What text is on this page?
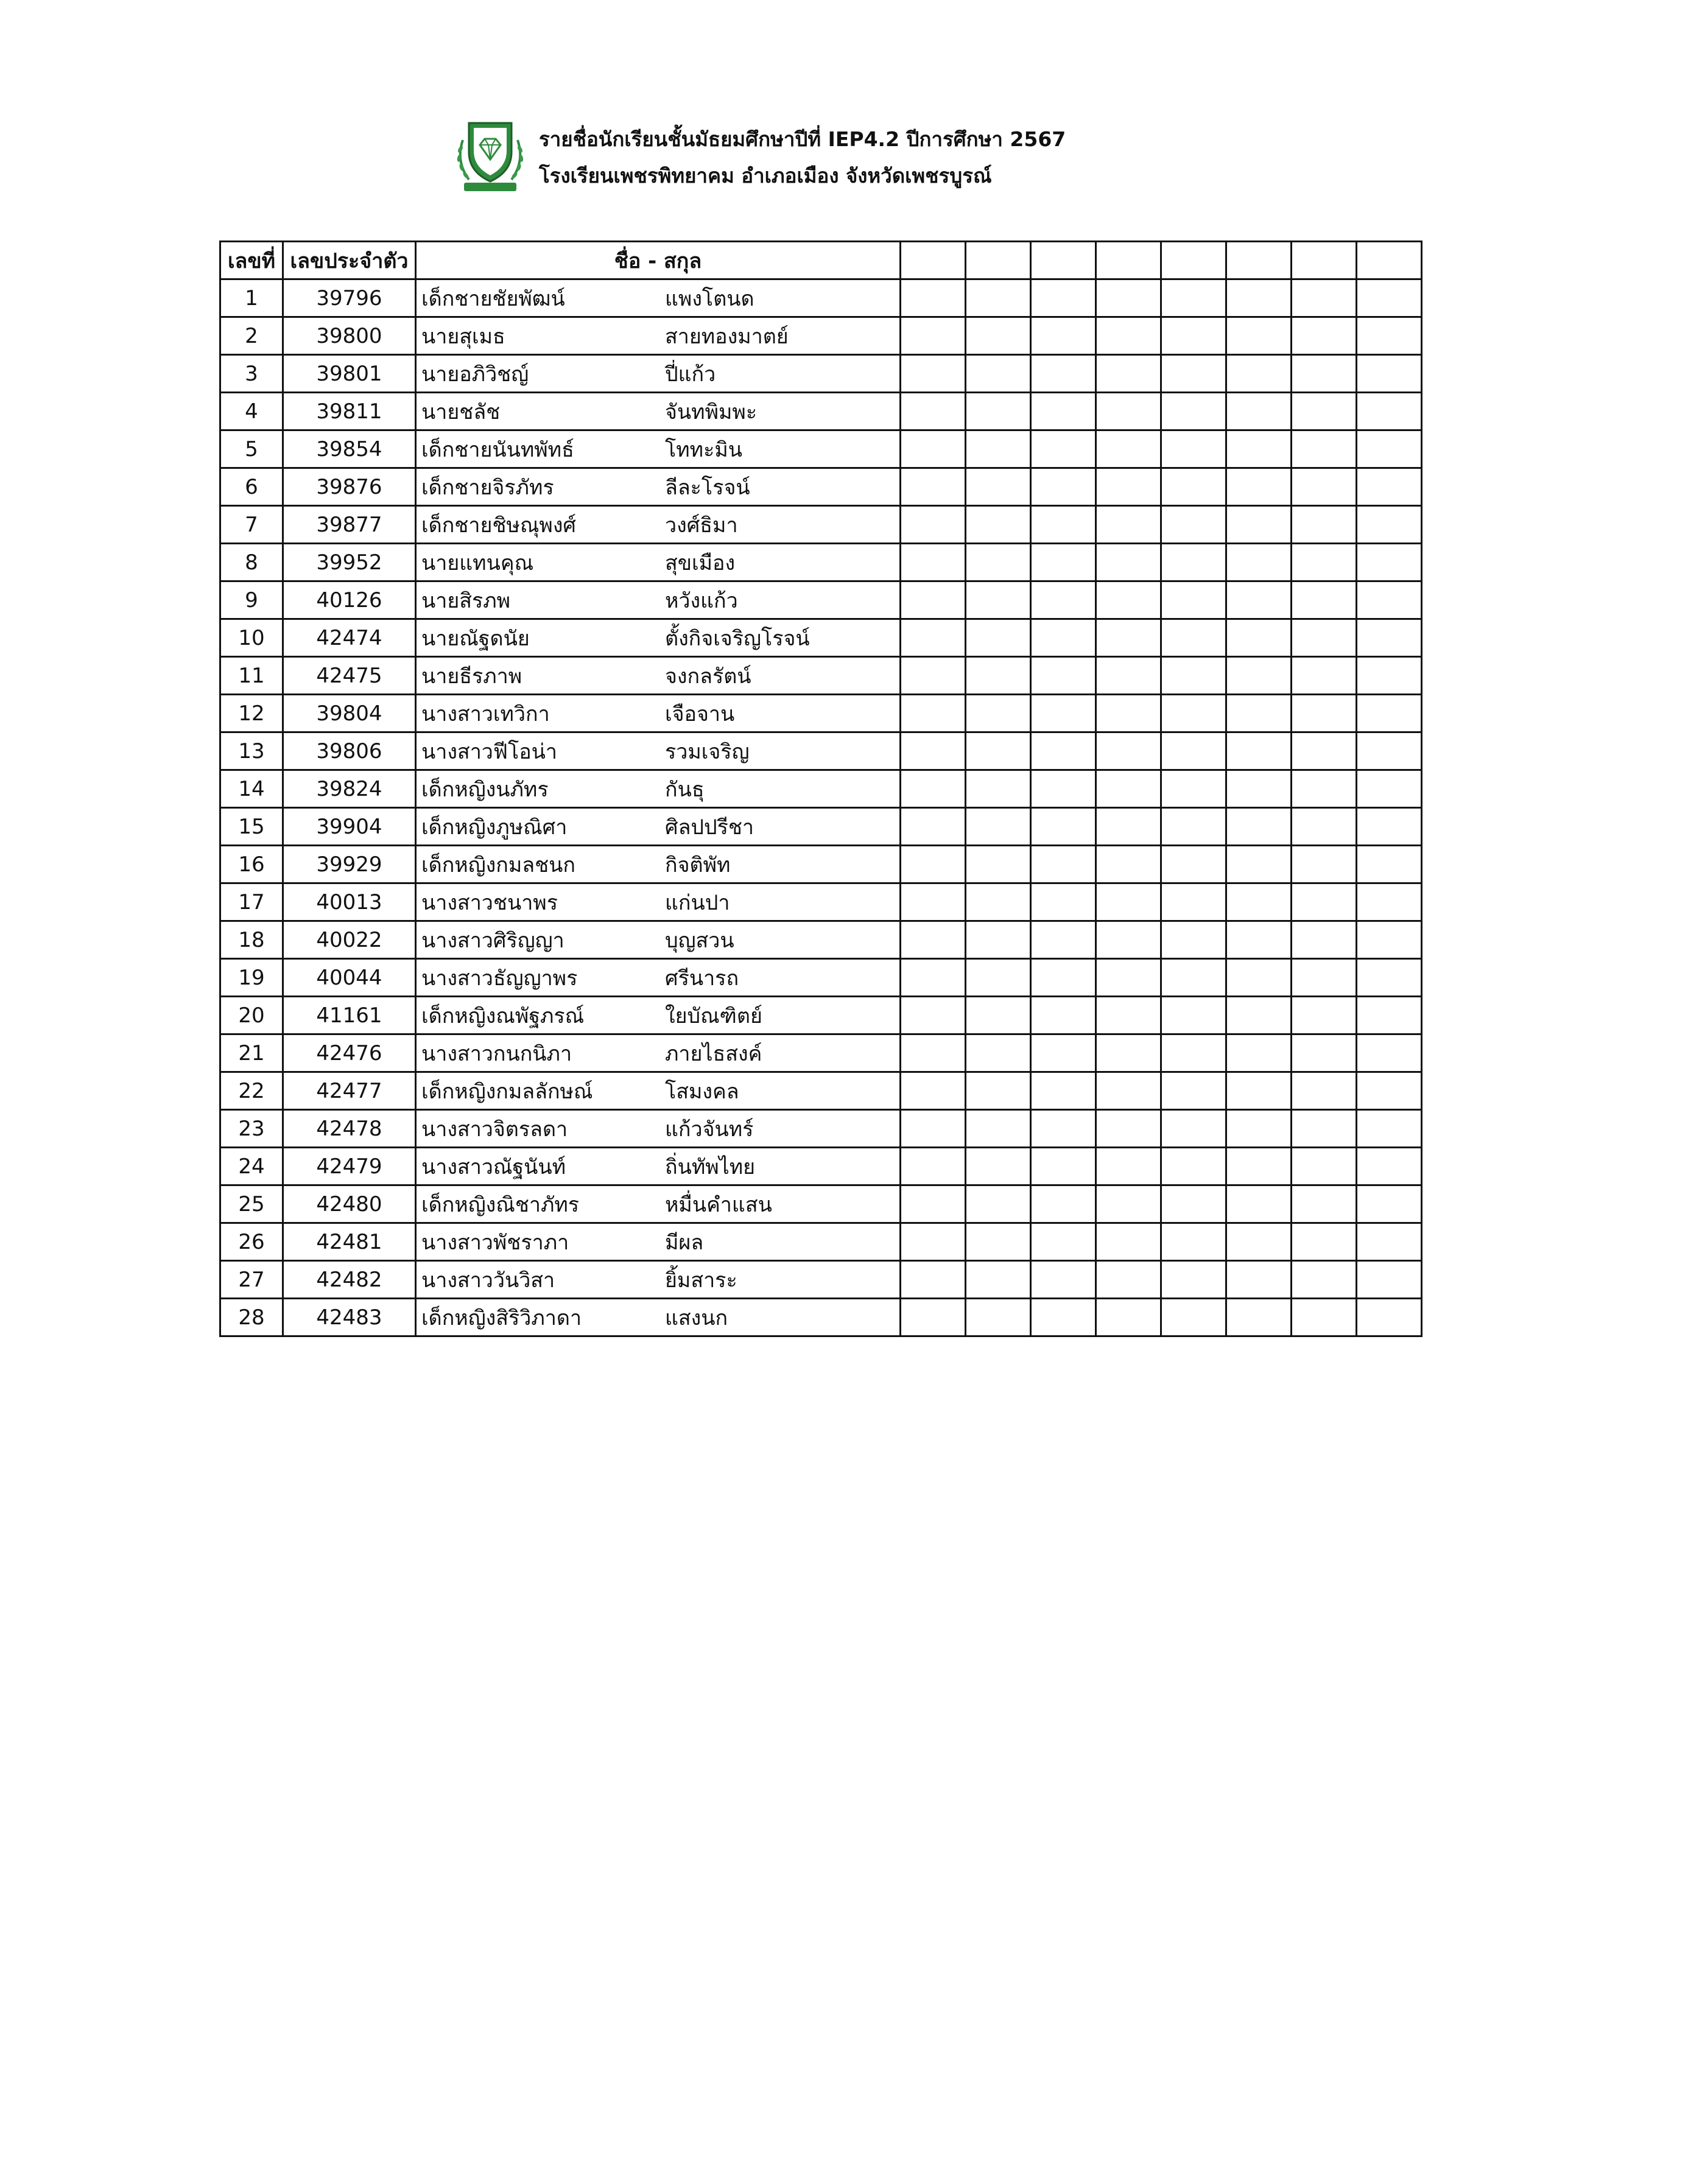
รายชื่อนักเรียนชั้นมัธยมศึกษาปีที่ IEP4.2 ปีการศึกษา 2567
โรงเรียนเพชรพิทยาคม อำเภอเมือง จังหวัดเพชรบูรณ์
เลขที่	เลขประจำตัว	ชื่อ - สกุล								
1	39796	เด็กชายชัยพัฒน์ แพงโตนด								
2	39800	นายสุเมธ สายทองมาตย์								
3	39801	นายอภิวิชญ์ ปี่แก้ว								
4	39811	นายชลัช จันทพิมพะ								
5	39854	เด็กชายนันทพัทธ์ โททะมิน								
6	39876	เด็กชายจิรภัทร ลีละโรจน์								
7	39877	เด็กชายชิษณุพงศ์ วงศ์ธิมา								
8	39952	นายแทนคุณ สุขเมือง								
9	40126	นายสิรภพ หวังแก้ว								
10	42474	นายณัฐดนัย ตั้งกิจเจริญโรจน์								
11	42475	นายธีรภาพ จงกลรัตน์								
12	39804	นางสาวเทวิกา เจือจาน								
13	39806	นางสาวฟีโอน่า รวมเจริญ								
14	39824	เด็กหญิงนภัทร กันธุ								
15	39904	เด็กหญิงภูษณิศา ศิลปปรีชา								
16	39929	เด็กหญิงกมลชนก กิจติพัท								
17	40013	นางสาวชนาพร แก่นปา								
18	40022	นางสาวศิริญญา บุญสวน								
19	40044	นางสาวธัญญาพร ศรีนารถ								
20	41161	เด็กหญิงณพัฐภรณ์ ใยบัณฑิตย์								
21	42476	นางสาวกนกนิภา ภายไธสงค์								
22	42477	เด็กหญิงกมลลักษณ์ โสมงคล								
23	42478	นางสาวจิตรลดา แก้วจันทร์								
24	42479	นางสาวณัฐนันท์ ถิ่นทัพไทย								
25	42480	เด็กหญิงณิชาภัทร หมื่นคำแสน								
26	42481	นางสาวพัชราภา มีผล								
27	42482	นางสาววันวิสา ยิ้มสาระ								
28	42483	เด็กหญิงสิริวิภาดา แสงนก								
